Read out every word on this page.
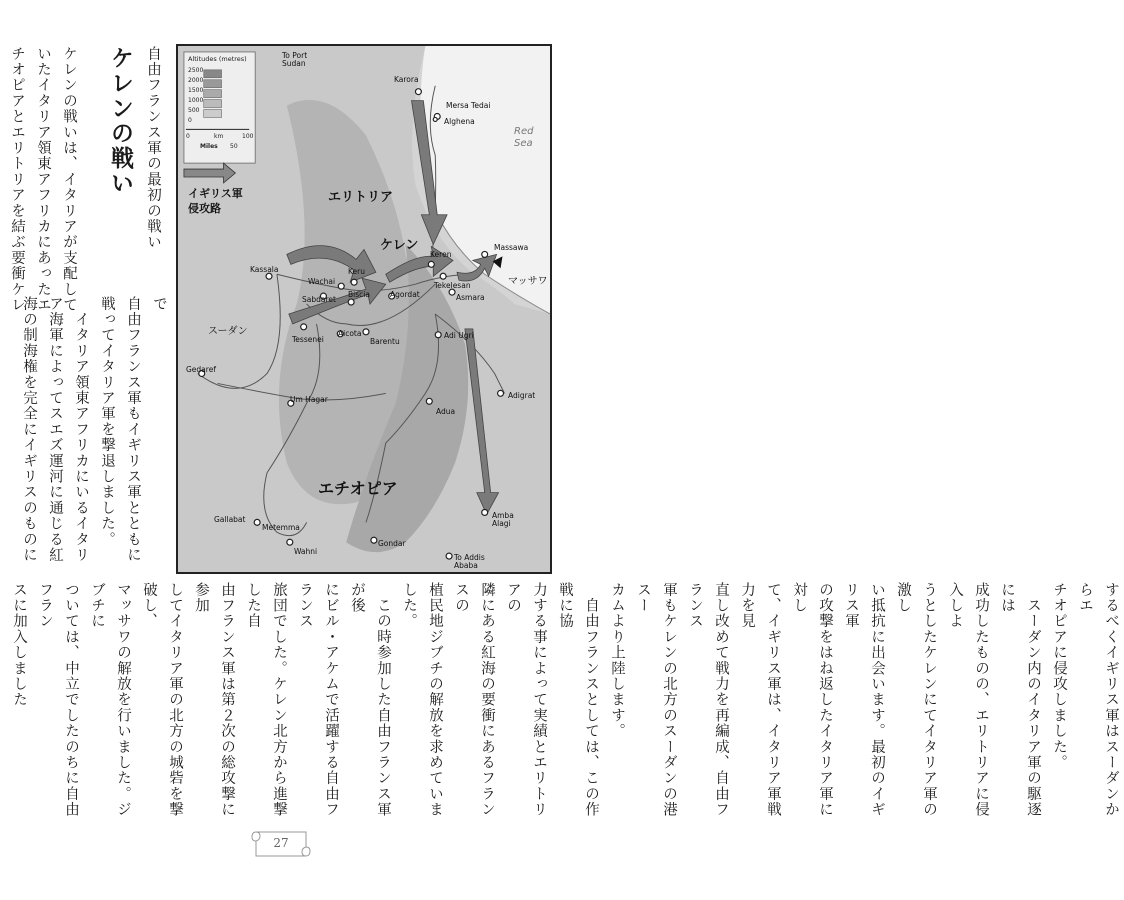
自由フランス軍の最初の戦い
ケレンの戦い
ケレンの戦いは、イタリアが支配して
いたイタリア領東アフリカにあったエ
チオピアとエリトリアを結ぶ要衝ケレ	で
自由フランス軍もイギリス軍とともに
戦ってイタリア軍を撃退しました。
　イタリア領東アフリカにいるイタリ
ア海軍によってスエズ運河に通じる紅
海の制海権を完全にイギリスのものに
Altitudes (metres)
2500
2000
1500
1000
500
0
0	km	100
Miles 50
イギリス軍
侵攻路
エリトリア
ケレン
エチオピア
スーダン
マッサワ
Red
Sea
To Port
Sudan
Karora
Mersa Tedai
Alghena
Kassala
Wachai
Keru
Sabdaret
Biscia	Agordat
Keren
Tekelesan
Massawa
Asmara
Tessenei
Aicota
Barentu
Adi Ugri
Gedaref
Um Hagar	Adigrat
Adua
Gallabat
Metemma
Wahni
Gondar
Amba
Alagi
To Addis
Ababa
するべくイギリス軍はスーダンからエ
チオピアに侵攻しました。
　スーダン内のイタリア軍の駆逐には
成功したものの、エリトリアに侵入しよ
うとしたケレンにてイタリア軍の激し
い抵抗に出会います。最初のイギリス軍
の攻撃をはね返したイタリア軍に対し
て、イギリス軍は、イタリア軍戦力を見
直し改めて戦力を再編成、自由フランス
軍もケレンの北方のスーダンの港スー
カムより上陸します。
　自由フランスとしては、この作戦に協
力する事によって実績とエリトリアの
隣にある紅海の要衝にあるフランスの
植民地ジブチの解放を求めていました。
　この時参加した自由フランス軍が後
にビル・アケムで活躍する自由フランス
旅団でした。ケレン北方から進撃した自
由フランス軍は第２次の総攻撃に参加
してイタリア軍の北方の城砦を撃破し、
マッサワの解放を行いました。ジブチに
ついては、中立でしたのちに自由フラン
スに加入しました
27
